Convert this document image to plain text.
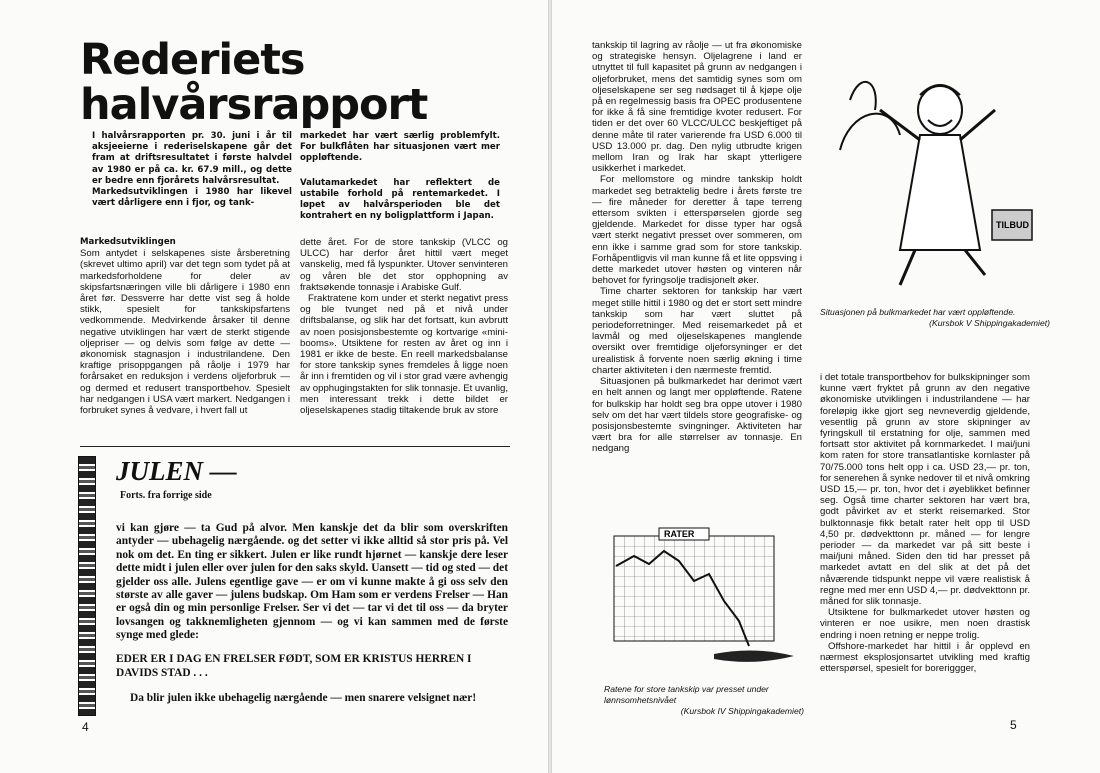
Rederiets halvårsrapport
I halvårsrapporten pr. 30. juni i år til aksjeeierne i rederiselskapene går det fram at driftsresultatet i første halvdel av 1980 er på ca. kr. 67.9 mill., og dette er bedre enn fjorårets halvårsresultat.
Markedsutviklingen i 1980 har likevel vært dårligere enn i fjor, og tank-
markedet har vært særlig problemfylt. For bulkflåten har situasjonen vært mer oppløftende.
Valutamarkedet har reflektert de ustabile forhold på rentemarkedet. I løpet av halvårsperioden ble det kontrahert en ny boligplattform i Japan.
Markedsutviklingen
Som antydet i selskapenes siste årsberetning (skrevet ultimo april) var det tegn som tydet på at markedsforholdene for deler av skipsfartsnæringen ville bli dårligere i 1980 enn året før. Dessverre har dette vist seg å holde stikk, spesielt for tankskipsfartens vedkommende. Medvirkende årsaker til denne negative utviklingen har vært de sterkt stigende oljepriser — og delvis som følge av dette — økonomisk stagnasjon i industrilandene. Den kraftige prisoppgangen på råolje i 1979 har forårsaket en reduksjon i verdens oljeforbruk — og dermed et redusert transportbehov. Spesielt har nedgangen i USA vært markert. Nedgangen i forbruket synes å vedvare, i hvert fall ut
dette året. For de store tankskip (VLCC og ULCC) har derfor året hittil vært meget vanskelig, med få lyspunkter. Utover senvinteren og våren ble det stor opphopning av fraktsøkende tonnasje i Arabiske Gulf.
Fraktratene kom under et sterkt negativt press og ble tvunget ned på et nivå under driftsbalanse, og slik har det fortsatt, kun avbrutt av noen posisjonsbestemte og kortvarige «mini-booms». Utsiktene for resten av året og inn i 1981 er ikke de beste. En reell markedsbalanse for store tankskip synes fremdeles å ligge noen år inn i fremtiden og vil i stor grad være avhengig av opphugingstakten for slik tonnasje. Et uvanlig, men interessant trekk i dette bildet er oljeselskapenes stadig tiltakende bruk av store
JULEN —
Forts. fra forrige side

vi kan gjøre — ta Gud på alvor. Men kanskje det da blir som overskriften antyder — ubehagelig nærgående. og det setter vi ikke alltid så stor pris på. Vel nok om det. En ting er sikkert. Julen er like rundt hjørnet — kanskje dere leser dette midt i julen eller over julen for den saks skyld. Uansett — tid og sted — det gjelder oss alle. Julens egentlige gave — er om vi kunne makte å gi oss selv den største av alle gaver — julens budskap. Om Ham som er verdens Frelser — Han er også din og min personlige Frelser. Ser vi det — tar vi det til oss — da bryter lovsangen og takknemligheten gjennom — og vi kan sammen med de første synge med glede:

EDER ER I DAG EN FRELSER FØDT, SOM ER KRISTUS HERREN I DAVIDS STAD . . .

Da blir julen ikke ubehagelig nærgående — men snarere velsignet nær!

4
tankskip til lagring av råolje — ut fra økonomiske og strategiske hensyn. Oljelagrene i land er utnyttet til full kapasitet på grunn av nedgangen i oljeforbruket, mens det samtidig synes som om oljeselskapene ser seg nødsaget til å kjøpe olje på en regelmessig basis fra OPEC produsentene for ikke å få sine fremtidige kvoter redusert. For tiden er det over 60 VLCC/ULCC beskjeftiget på denne måte til rater varierende fra USD 6.000 til USD 13.000 pr. dag. Den nylig utbrudte krigen mellom Iran og Irak har skapt ytterligere usikkerhet i markedet.
For mellomstore og mindre tankskip holdt markedet seg betraktelig bedre i årets første tre — fire måneder for deretter å tape terreng ettersom svikten i etterspørselen gjorde seg gjeldende. Markedet for disse typer har også vært sterkt negativt presset over sommeren, om enn ikke i samme grad som for store tankskip. Forhåpentligvis vil man kunne få et lite oppsving i dette markedet utover høsten og vinteren når behovet for fyringsolje tradisjonelt øker.
Time charter sektoren for tankskip har vært meget stille hittil i 1980 og det er stort sett mindre tankskip som har vært sluttet på periodeforretninger. Med reisemarkedet på et lavmål og med oljeselskapenes manglende oversikt over fremtidige oljeforsyninger er det urealistisk å forvente noen særlig økning i time charter aktiviteten i den nærmeste fremtid.
Situasjonen på bulkmarkedet har derimot vært en helt annen og langt mer oppløftende. Ratene for bulkskip har holdt seg bra oppe utover i 1980 selv om det har vært tildels store geografiske- og posisjonsbestemte svingninger. Aktiviteten har vært bra for alle størrelser av tonnasje. En nedgang
TILBUD
Situasjonen på bulkmarkedet har vært oppløftende.
(Kursbok V Shippingakademiet)
RATER
Ratene for store tankskip var presset under lønnsomhetsnivået
(Kursbok IV Shippingakademiet)
i det totale transportbehov for bulkskipninger som kunne vært fryktet på grunn av den negative økonomiske utviklingen i industrilandene — har foreløpig ikke gjort seg nevneverdig gjeldende, vesentlig på grunn av store skipninger av fyringskull til erstatning for olje, sammen med fortsatt stor aktivitet på kornmarkedet. I mai/juni kom raten for store transatlantiske kornlaster på 70/75.000 tons helt opp i ca. USD 23,— pr. ton, for senerehen å synke nedover til et nivå omkring USD 15,— pr. ton, hvor det i øyeblikket befinner seg. Også time charter sektoren har vært bra, godt påvirket av et sterkt reisemarked. Stor bulktonnasje fikk betalt rater helt opp til USD 4,50 pr. dødvekttonn pr. måned — for lengre perioder — da markedet var på sitt beste i mai/juni måned. Siden den tid har presset på markedet avtatt en del slik at det på det nåværende tidspunkt neppe vil være realistisk å regne med mer enn USD 4,— pr. dødvekttonn pr. måned for slik tonnasje.
Utsiktene for bulkmarkedet utover høsten og vinteren er noe usikre, men noen drastisk endring i noen retning er neppe trolig.
Offshore-markedet har hittil i år opplevd en nærmest eksplosjonsartet utvikling med kraftig etterspørsel, spesielt for boreriggger,
5
